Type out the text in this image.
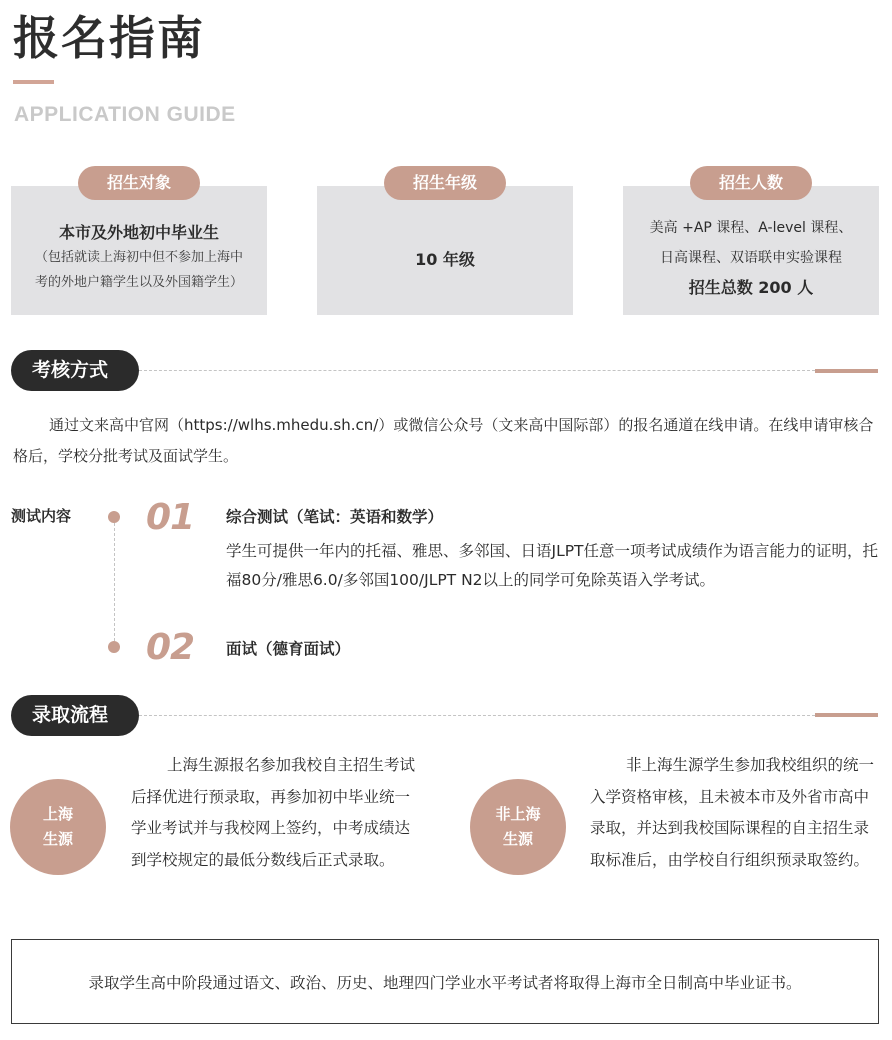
报名指南
APPLICATION GUIDE
本市及外地初中毕业生
（包括就读上海初中但不参加上海中
考的外地户籍学生以及外国籍学生）
招生对象
10 年级
招生年级
美高 +AP 课程、A-level 课程、
日高课程、双语联申实验课程
招生总数 200 人
招生人数
考核方式
通过文来高中官网（https://wlhs.mhedu.sh.cn/）或微信公众号（文来高中国际部）的报名通道在线申请。在线申请审核合格后，学校分批考试及面试学生。
测试内容 01 综合测试（笔试：英语和数学）
学生可提供一年内的托福、雅思、多邻国、日语JLPT任意一项考试成绩作为语言能力的证明，托福80分/雅思6.0/多邻国100/JLPT N2以上的同学可免除英语入学考试。
02 面试（德育面试）
录取流程
上海
生源
上海生源报名参加我校自主招生考试后择优进行预录取，再参加初中毕业统一学业考试并与我校网上签约，中考成绩达到学校规定的最低分数线后正式录取。
非上海
生源
非上海生源学生参加我校组织的统一入学资格审核，且未被本市及外省市高中录取，并达到我校国际课程的自主招生录取标准后，由学校自行组织预录取签约。
录取学生高中阶段通过语文、政治、历史、地理四门学业水平考试者将取得上海市全日制高中毕业证书。
